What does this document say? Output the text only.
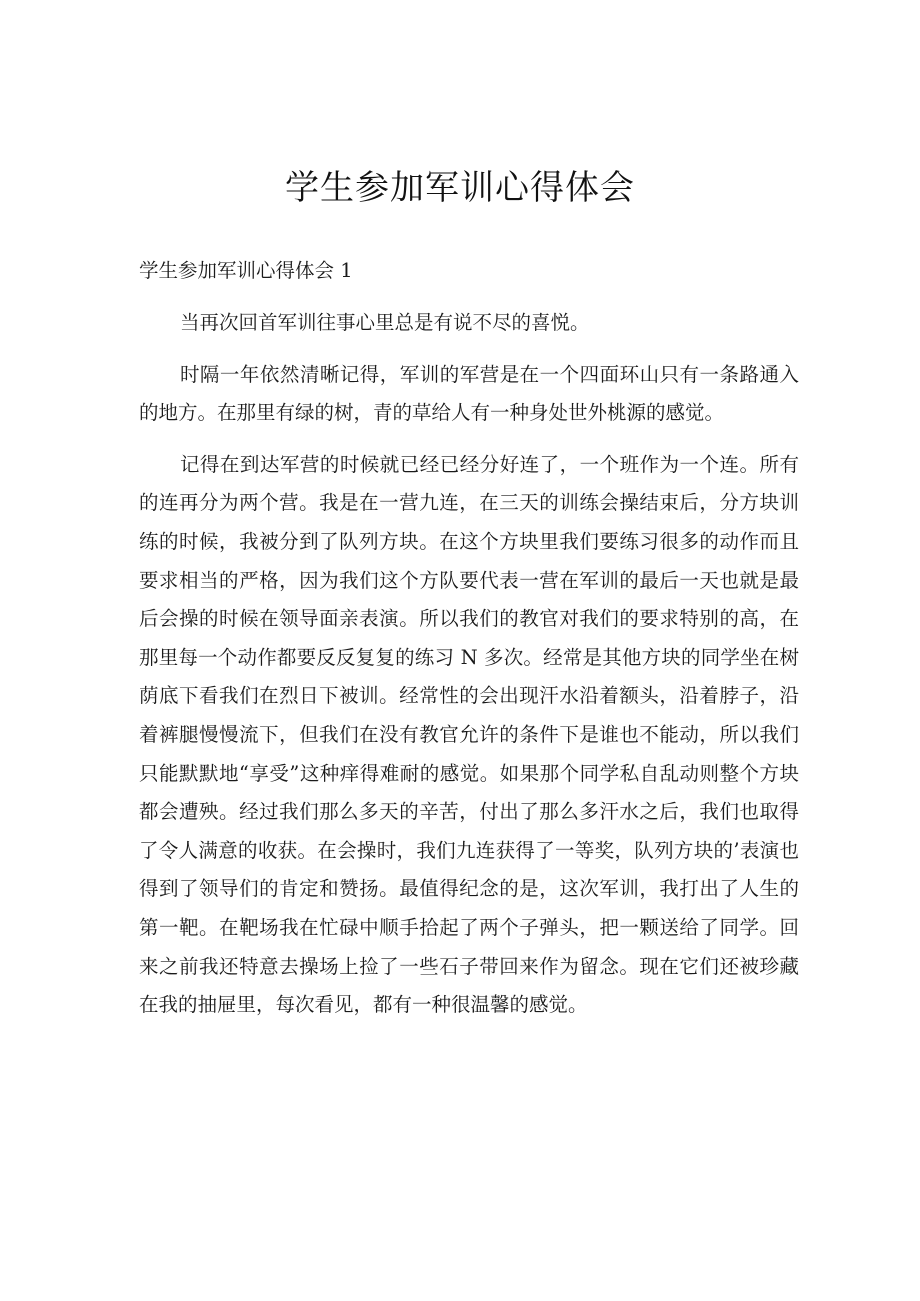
学生参加军训心得体会

学生参加军训心得体会 1

当再次回首军训往事心里总是有说不尽的喜悦。

时隔一年依然清晰记得，军训的军营是在一个四面环山只有一条路通入的地方。在那里有绿的树，青的草给人有一种身处世外桃源的感觉。

记得在到达军营的时候就已经已经分好连了，一个班作为一个连。所有的连再分为两个营。我是在一营九连，在三天的训练会操结束后，分方块训练的时候，我被分到了队列方块。在这个方块里我们要练习很多的动作而且要求相当的严格，因为我们这个方队要代表一营在军训的最后一天也就是最后会操的时候在领导面亲表演。所以我们的教官对我们的要求特别的高，在那里每一个动作都要反反复复的练习 N 多次。经常是其他方块的同学坐在树荫底下看我们在烈日下被训。经常性的会出现汗水沿着额头，沿着脖子，沿着裤腿慢慢流下，但我们在没有教官允许的条件下是谁也不能动，所以我们只能默默地“享受”这种痒得难耐的感觉。如果那个同学私自乱动则整个方块都会遭殃。经过我们那么多天的辛苦，付出了那么多汗水之后，我们也取得了令人满意的收获。在会操时，我们九连获得了一等奖，队列方块的’表演也得到了领导们的肯定和赞扬。最值得纪念的是，这次军训，我打出了人生的第一靶。在靶场我在忙碌中顺手拾起了两个子弹头，把一颗送给了同学。回来之前我还特意去操场上捡了一些石子带回来作为留念。现在它们还被珍藏在我的抽屉里，每次看见，都有一种很温馨的感觉。
